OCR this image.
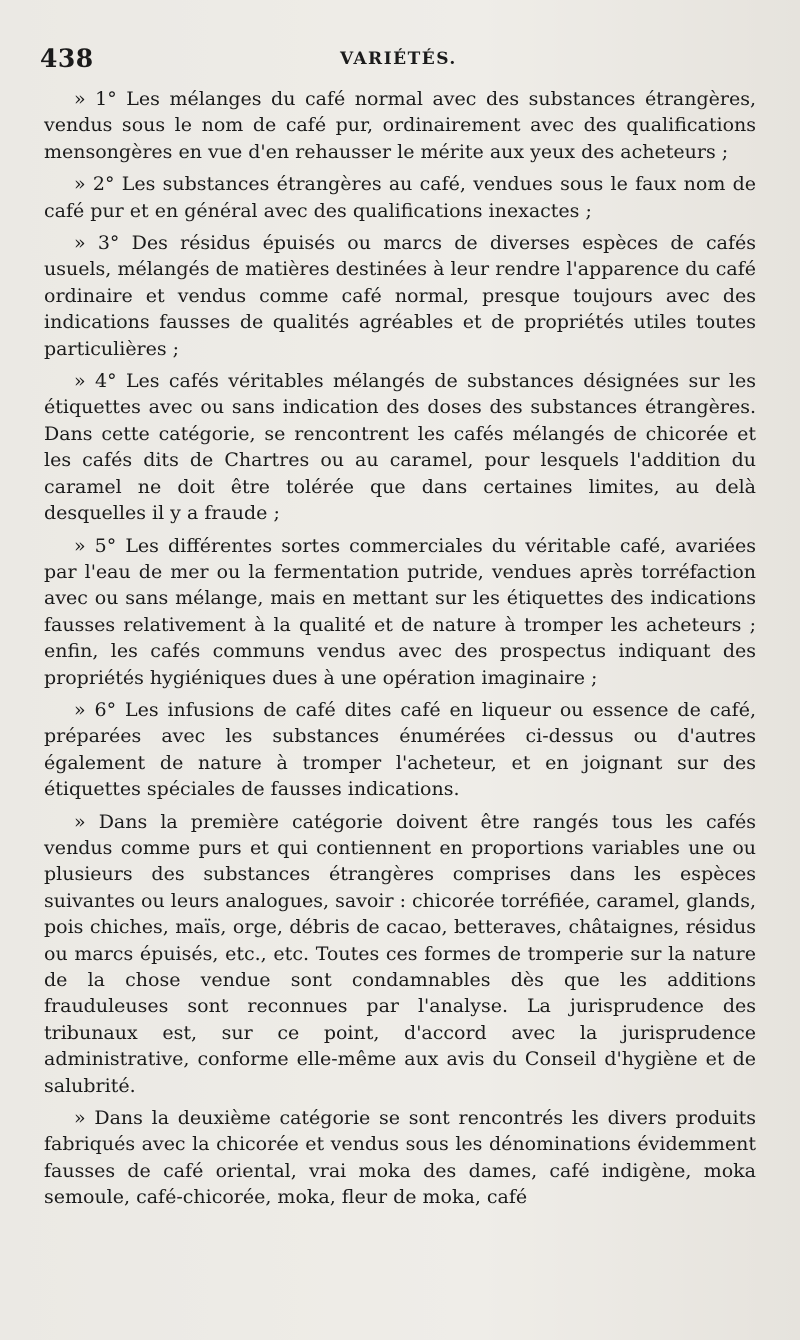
438	VARIÉTÉS.

» 1° Les mélanges du café normal avec des substances étrangères, vendus sous le nom de café pur, ordinairement avec des qualifications mensongères en vue d'en rehausser le mérite aux yeux des acheteurs ;

» 2° Les substances étrangères au café, vendues sous le faux nom de café pur et en général avec des qualifications inexactes ;

» 3° Des résidus épuisés ou marcs de diverses espèces de cafés usuels, mélangés de matières destinées à leur rendre l'apparence du café ordinaire et vendus comme café normal, presque toujours avec des indications fausses de qualités agréables et de propriétés utiles toutes particulières ;

» 4° Les cafés véritables mélangés de substances désignées sur les étiquettes avec ou sans indication des doses des substances étrangères. Dans cette catégorie, se rencontrent les cafés mélangés de chicorée et les cafés dits de Chartres ou au caramel, pour lesquels l'addition du caramel ne doit être tolérée que dans certaines limites, au delà desquelles il y a fraude ;

» 5° Les différentes sortes commerciales du véritable café, avariées par l'eau de mer ou la fermentation putride, vendues après torréfaction avec ou sans mélange, mais en mettant sur les étiquettes des indications fausses relativement à la qualité et de nature à tromper les acheteurs ; enfin, les cafés communs vendus avec des prospectus indiquant des propriétés hygiéniques dues à une opération imaginaire ;

» 6° Les infusions de café dites café en liqueur ou essence de café, préparées avec les substances énumérées ci-dessus ou d'autres également de nature à tromper l'acheteur, et en joignant sur des étiquettes spéciales de fausses indications.

» Dans la première catégorie doivent être rangés tous les cafés vendus comme purs et qui contiennent en proportions variables une ou plusieurs des substances étrangères comprises dans les espèces suivantes ou leurs analogues, savoir : chicorée torréfiée, caramel, glands, pois chiches, maïs, orge, débris de cacao, betteraves, châtaignes, résidus ou marcs épuisés, etc., etc. Toutes ces formes de tromperie sur la nature de la chose vendue sont condamnables dès que les additions frauduleuses sont reconnues par l'analyse. La jurisprudence des tribunaux est, sur ce point, d'accord avec la jurisprudence administrative, conforme elle-même aux avis du Conseil d'hygiène et de salubrité.

» Dans la deuxième catégorie se sont rencontrés les divers produits fabriqués avec la chicorée et vendus sous les dénominations évidemment fausses de café oriental, vrai moka des dames, café indigène, moka semoule, café-chicorée, moka, fleur de moka, café
